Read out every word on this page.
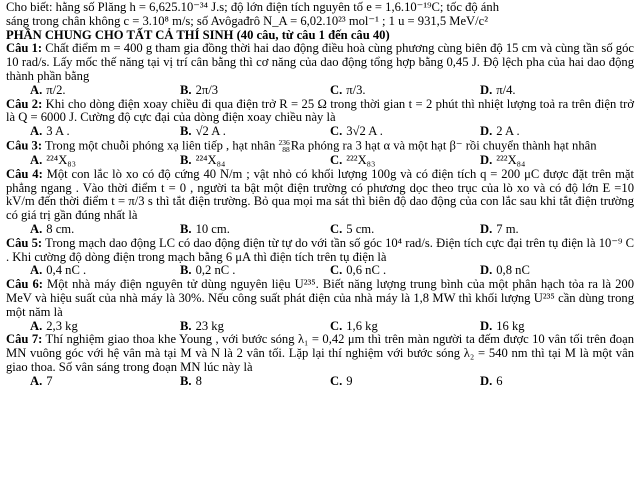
Cho biết: hằng số Plăng h = 6,625.10⁻³⁴ J.s; độ lớn điện tích nguyên tố e = 1,6.10⁻¹⁹C; tốc độ ánh

sáng trong chân không c = 3.10⁸ m/s; số Avôgađrô N_A = 6,02.10²³ mol⁻¹ ; 1 u = 931,5 MeV/c²

PHẦN CHUNG CHO TẤT CẢ THÍ SINH (40 câu, từ câu 1 đến câu 40)

Câu 1: Chất điểm m = 400 g tham gia đồng thời hai dao động điều hoà cùng phương cùng biên độ 15 cm và cùng tần số góc 10 rad/s. Lấy mốc thế năng tại vị trí cân bằng thì cơ năng của dao động tổng hợp bằng 0,45 J. Độ lệch pha của hai dao động thành phần bằng

A. π/2.	B. 2π/3	C. π/3.	D. π/4.

Câu 2: Khi cho dòng điện xoay chiều đi qua điện trở R = 25 Ω trong thời gian t = 2 phút thì nhiệt lượng toả ra trên điện trở là Q = 6000 J. Cường độ cực đại của dòng điện xoay chiều này là

A. 3 A .	B. √2 A .	C. 3√2 A .	D. 2 A .

Câu 3: Trong một chuỗi phóng xạ liên tiếp , hạt nhân 236
88 Ra phóng ra 3 hạt α và một hạt β⁻ rồi chuyển thành hạt nhân

A. ²²⁴X₈₃	B. ²²⁴X₈₄	C. ²²²X₈₃	D. ²²²X₈₄

Câu 4: Một con lắc lò xo có độ cứng 40 N/m ; vật nhỏ có khối lượng 100g và có điện tích q = 200 μC được đặt trên mặt phẳng ngang . Vào thời điểm t = 0 , người ta bật một điện trường có phương dọc theo trục của lò xo và có độ lớn E =10 kV/m đến thời điểm t = π/3 s thì tắt điện trường. Bỏ qua mọi ma sát thì biên độ dao động của con lắc sau khi tắt điện trường có giá trị gần đúng nhất là

A. 8 cm.	B. 10 cm.	C. 5 cm.	D. 7 m.

Câu 5: Trong mạch dao động LC có dao động điện từ tự do với tần số góc 10⁴ rad/s. Điện tích cực đại trên tụ điện là 10⁻⁹ C . Khi cường độ dòng điện trong mạch bằng 6 μA thì điện tích trên tụ điện là

A. 0,4 nC .	B. 0,2 nC .	C. 0,6 nC .	D. 0,8 nC

Câu 6: Một nhà máy điện nguyên tử dùng nguyên liệu U²³⁵. Biết năng lượng trung bình của một phân hạch tỏa ra là 200 MeV và hiệu suất của nhà máy là 30%. Nếu công suất phát điện của nhà máy là 1,8 MW thì khối lượng U²³⁵ cần dùng trong một năm là

A. 2,3 kg	B. 23 kg	C. 1,6 kg	D. 16 kg

Câu 7: Thí nghiệm giao thoa khe Young , với bước sóng λ₁ = 0,42 μm thì trên màn người ta đếm được 10 vân tối trên đoạn MN vuông góc với hệ vân mà tại M và N là 2 vân tối. Lặp lại thí nghiệm với bước sóng λ₂ = 540 nm thì tại M là một vân giao thoa. Số vân sáng trong đoạn MN lúc này là

A. 7	B. 8	C. 9	D. 6
